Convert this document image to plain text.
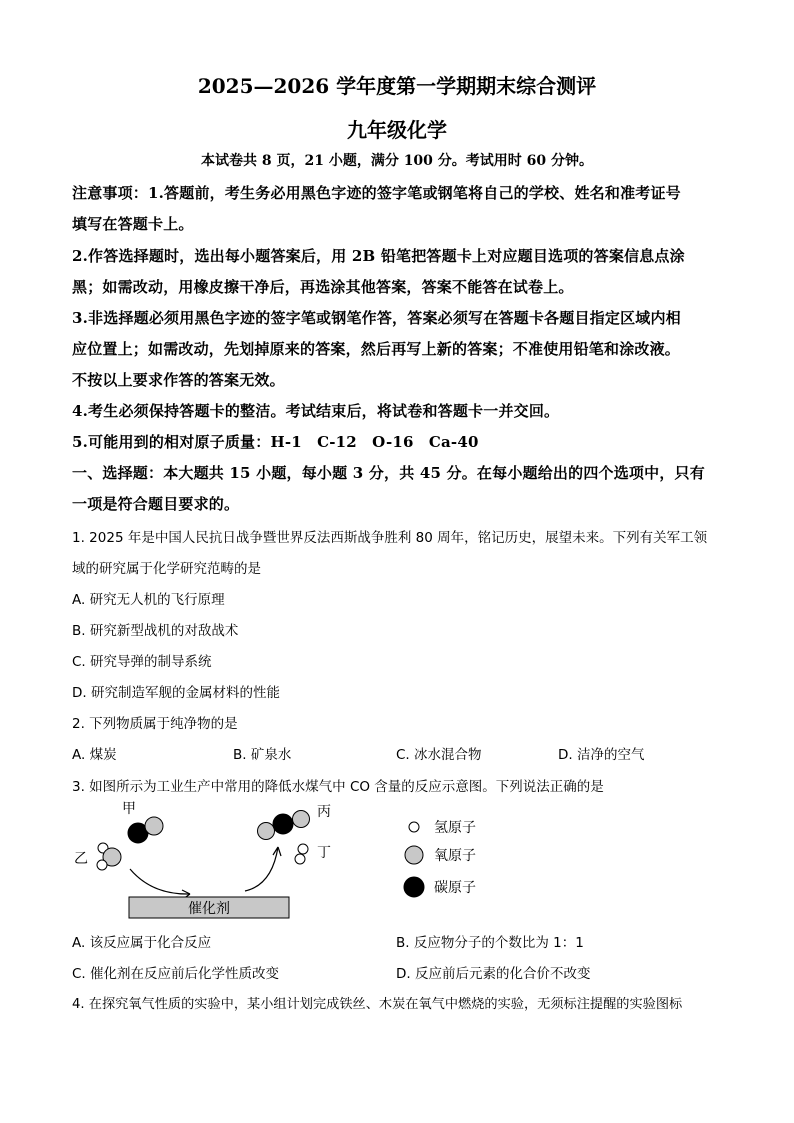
2025—2026 学年度第一学期期末综合测评
九年级化学
本试卷共 8 页，21 小题，满分 100 分。考试用时 60 分钟。
注意事项：1.答题前，考生务必用黑色字迹的签字笔或钢笔将自己的学校、姓名和准考证号
填写在答题卡上。
2.作答选择题时，选出每小题答案后，用 2B 铅笔把答题卡上对应题目选项的答案信息点涂
黑；如需改动，用橡皮擦干净后，再选涂其他答案，答案不能答在试卷上。
3.非选择题必须用黑色字迹的签字笔或钢笔作答，答案必须写在答题卡各题目指定区域内相
应位置上；如需改动，先划掉原来的答案，然后再写上新的答案；不准使用铅笔和涂改液。
不按以上要求作答的答案无效。
4.考生必须保持答题卡的整洁。考试结束后，将试卷和答题卡一并交回。
5.可能用到的相对原子质量：H-1　C-12　O-16　Ca-40
一、选择题：本大题共 15 小题，每小题 3 分，共 45 分。在每小题给出的四个选项中，只有
一项是符合题目要求的。
1. 2025 年是中国人民抗日战争暨世界反法西斯战争胜利 80 周年，铭记历史，展望未来。下列有关军工领
域的研究属于化学研究范畴的是
A. 研究无人机的飞行原理
B. 研究新型战机的对敌战术
C. 研究导弹的制导系统
D. 研究制造军舰的金属材料的性能
2. 下列物质属于纯净物的是
A. 煤炭	B. 矿泉水	C. 冰水混合物	D. 洁净的空气
3. 如图所示为工业生产中常用的降低水煤气中 CO 含量的反应示意图。下列说法正确的是
甲
乙
催化剂
丙
丁
氢原子
氧原子
碳原子
A. 该反应属于化合反应	B. 反应物分子的个数比为 1：1
C. 催化剂在反应前后化学性质改变	D. 反应前后元素的化合价不改变
4. 在探究氧气性质的实验中，某小组计划完成铁丝、木炭在氧气中燃烧的实验，无须标注提醒的实验图标
